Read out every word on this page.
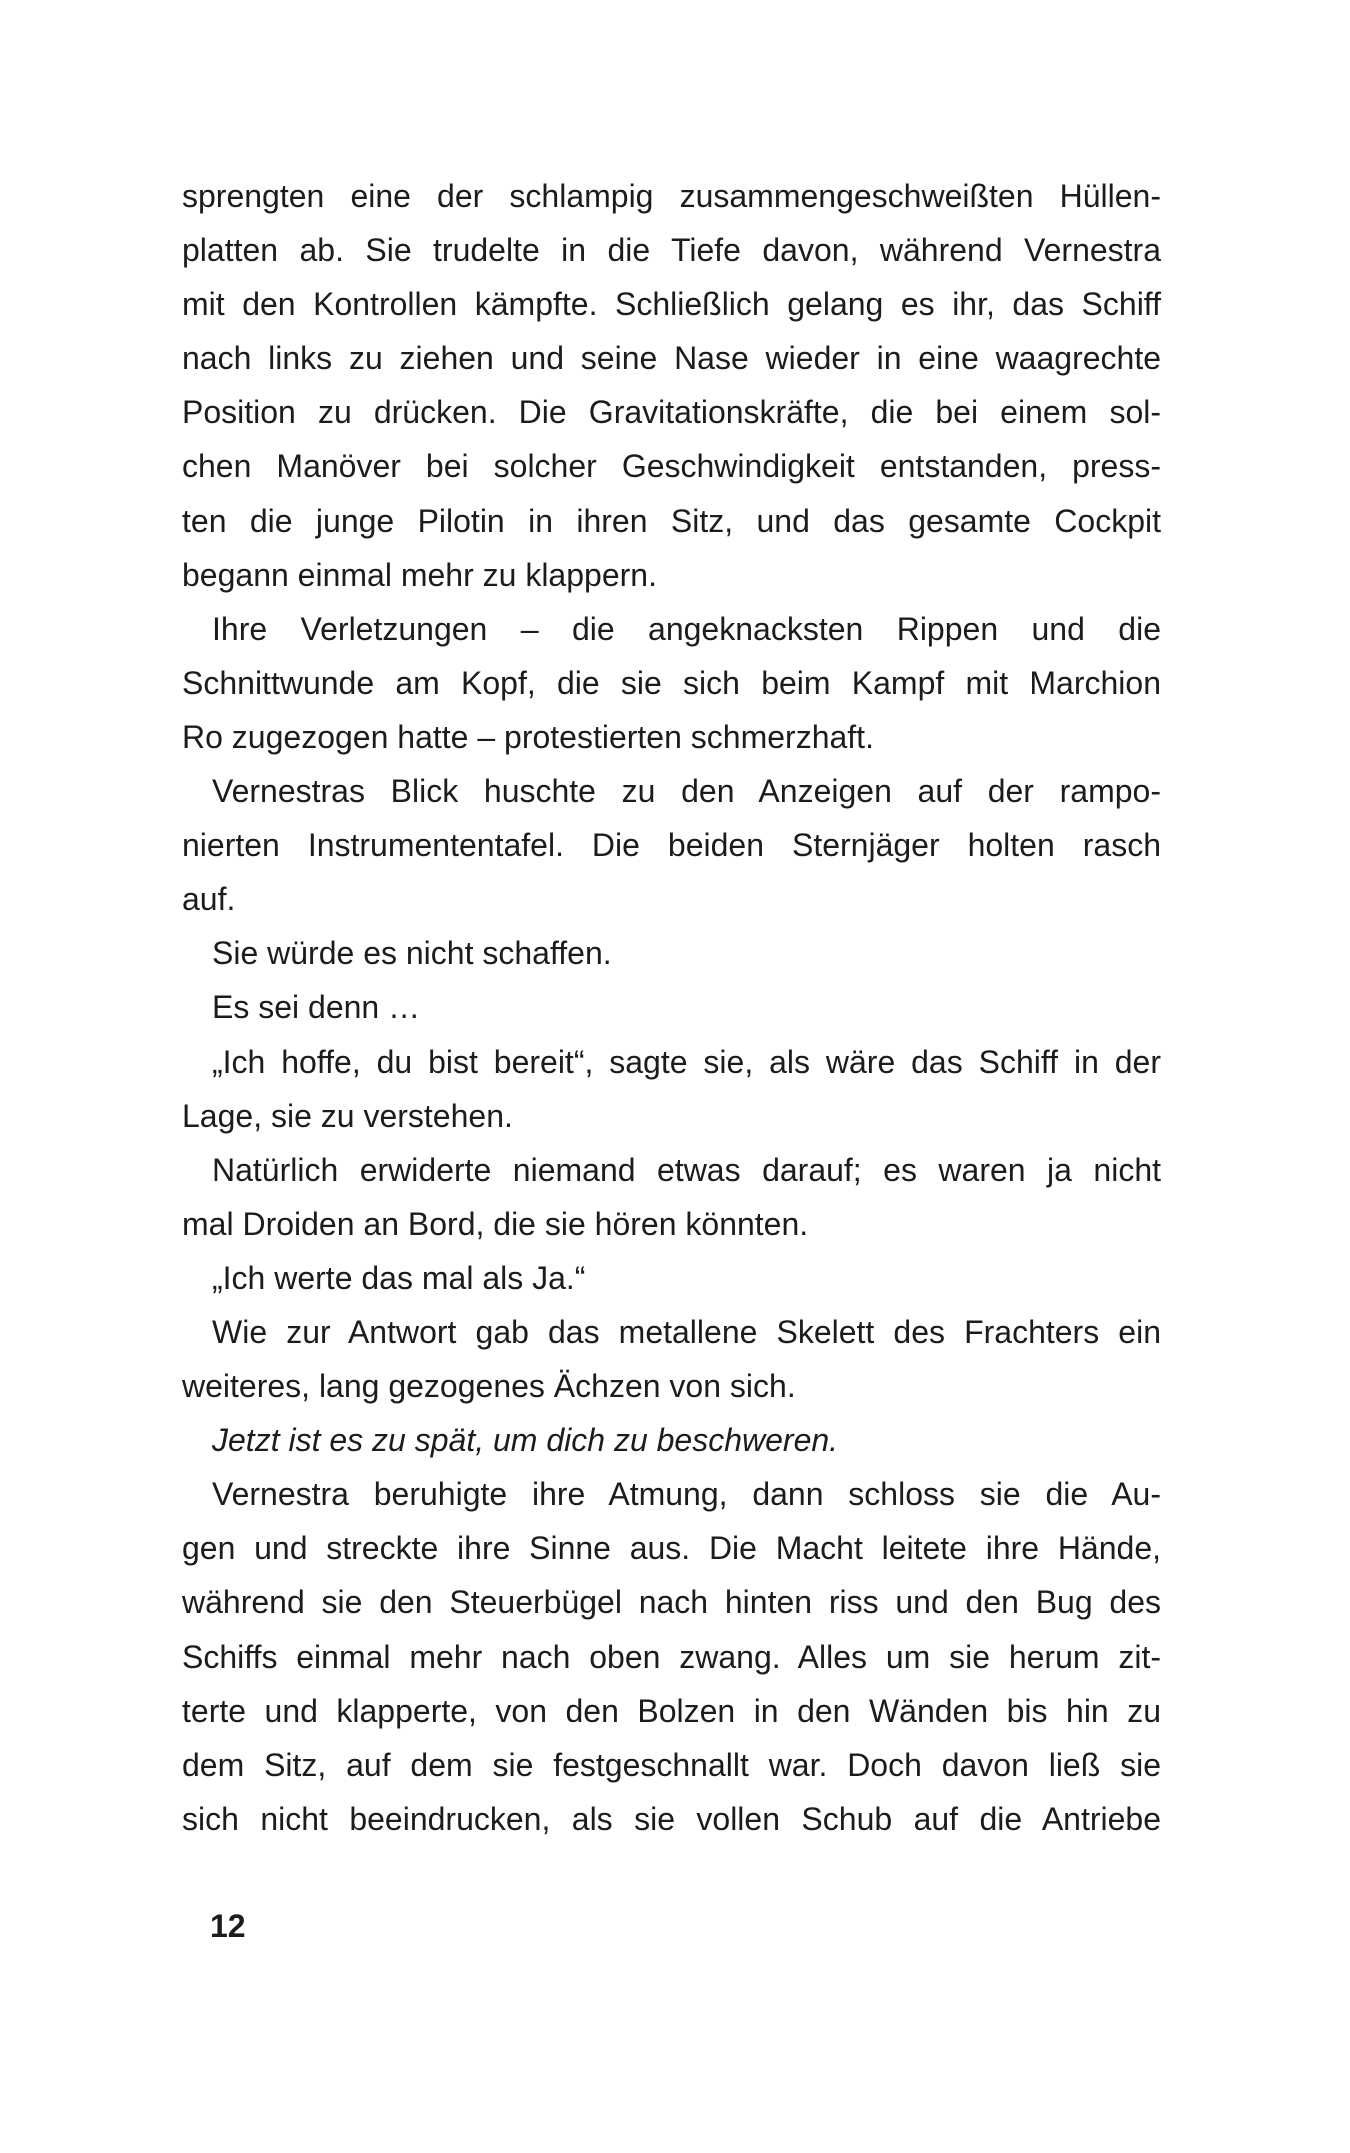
sprengten eine der schlampig zusammengeschweißten Hüllen-
platten ab. Sie trudelte in die Tiefe davon, während Vernestra
mit den Kontrollen kämpfte. Schließlich gelang es ihr, das Schiff
nach links zu ziehen und seine Nase wieder in eine waagrechte
Position zu drücken. Die Gravitationskräfte, die bei einem sol-
chen Manöver bei solcher Geschwindigkeit entstanden, press-
ten die junge Pilotin in ihren Sitz, und das gesamte Cockpit
begann einmal mehr zu klappern.
Ihre Verletzungen – die angeknacksten Rippen und die
Schnittwunde am Kopf, die sie sich beim Kampf mit Marchion
Ro zugezogen hatte – protestierten schmerzhaft.
Vernestras Blick huschte zu den Anzeigen auf der rampo-
nierten Instrumententafel. Die beiden Sternjäger holten rasch
auf.
Sie würde es nicht schaffen.
Es sei denn …
„Ich hoffe, du bist bereit“, sagte sie, als wäre das Schiff in der
Lage, sie zu verstehen.
Natürlich erwiderte niemand etwas darauf; es waren ja nicht
mal Droiden an Bord, die sie hören könnten.
„Ich werte das mal als Ja.“
Wie zur Antwort gab das metallene Skelett des Frachters ein
weiteres, lang gezogenes Ächzen von sich.
Jetzt ist es zu spät, um dich zu beschweren.
Vernestra beruhigte ihre Atmung, dann schloss sie die Au-
gen und streckte ihre Sinne aus. Die Macht leitete ihre Hände,
während sie den Steuerbügel nach hinten riss und den Bug des
Schiffs einmal mehr nach oben zwang. Alles um sie herum zit-
terte und klapperte, von den Bolzen in den Wänden bis hin zu
dem Sitz, auf dem sie festgeschnallt war. Doch davon ließ sie
sich nicht beeindrucken, als sie vollen Schub auf die Antriebe
12
